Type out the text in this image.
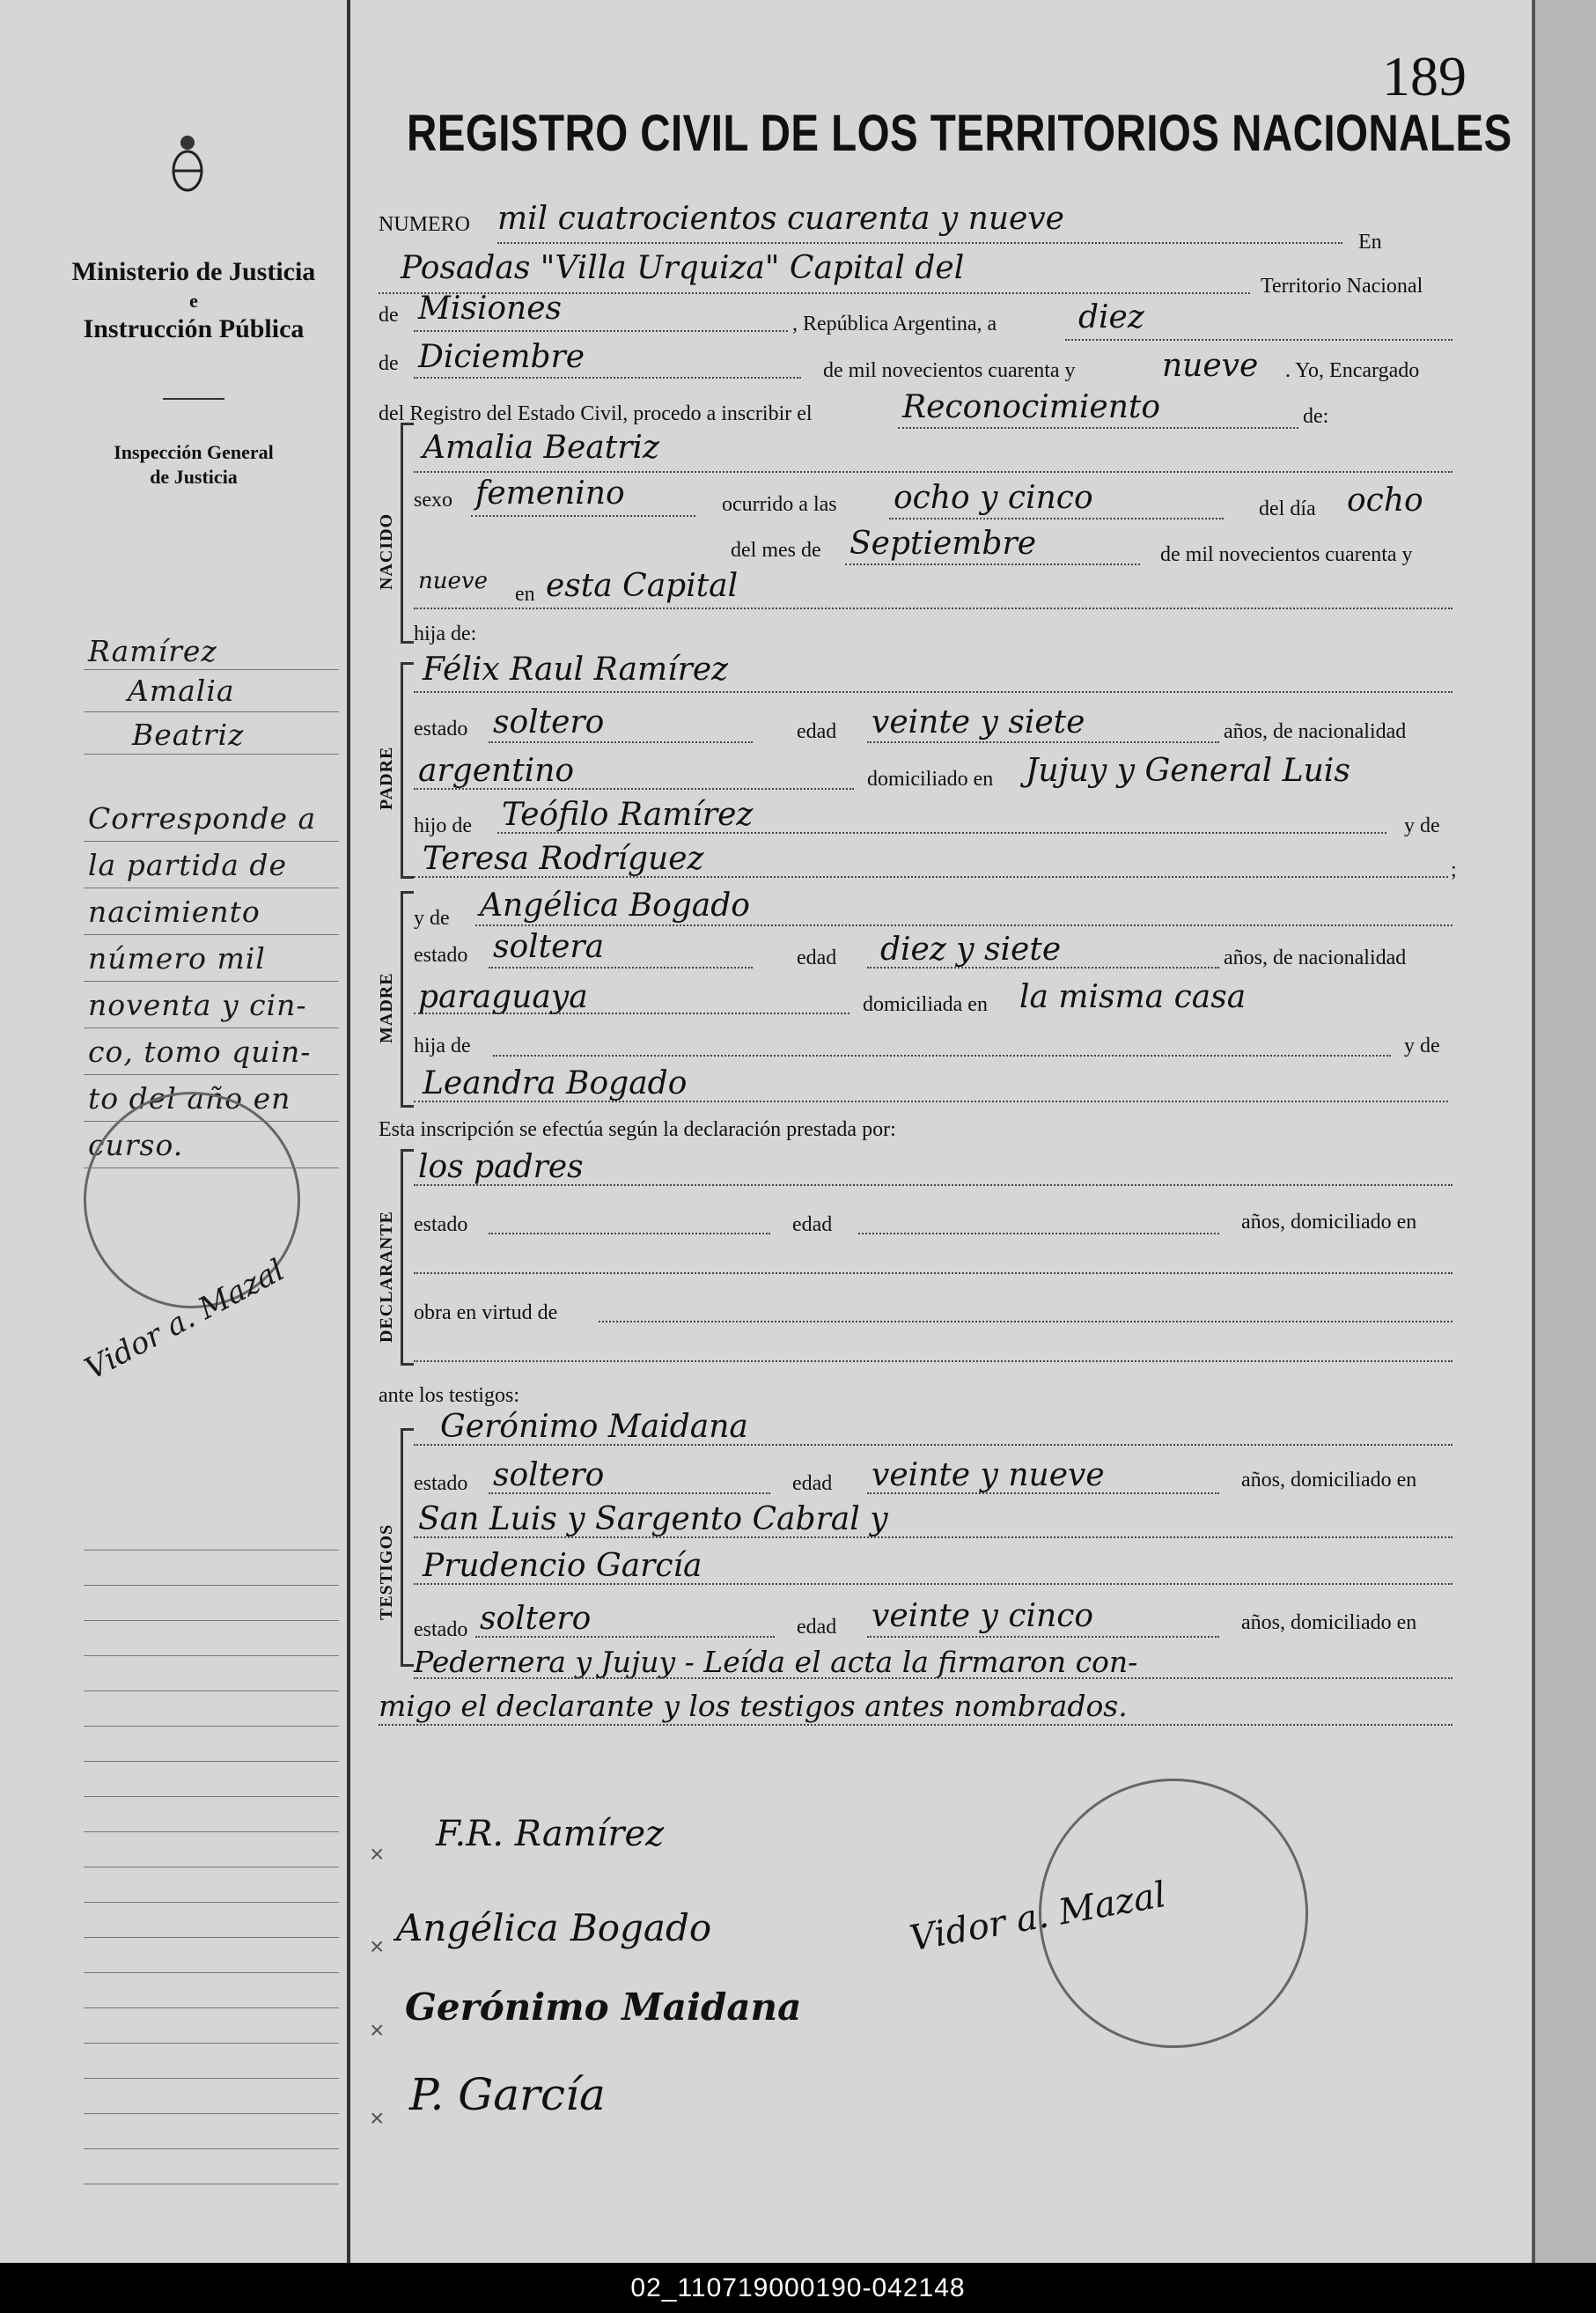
Ministerio de Justicia
e
Instrucción Pública
Inspección General de Justicia
Ramírez
Amalia
Beatriz
Corresponde a
la partida de
nacimiento
número mil
noventa y cin-
co, tomo quin-
to del año en
curso.
Vidor a. Mazal
189
REGISTRO CIVIL DE LOS TERRITORIOS NACIONALES
NUMERO mil cuatrocientos cuarenta y nueve
En
Posadas "Villa Urquiza" Capital del	Territorio Nacional
de Misiones	, República Argentina, a	diez
de Diciembre	de mil novecientos cuarenta y	nueve . Yo, Encargado
del Registro del Estado Civil, procedo a inscribir el	Reconocimiento	de:
NACIDO
Amalia Beatriz
sexo femenino	ocurrido a las ocho y cinco	del día ocho
del mes de Septiembre	de mil novecientos cuarenta y
nueve en esta Capital
hija de:
PADRE
Félix Raul Ramírez
estado soltero	edad veinte y siete	años, de nacionalidad
argentino	domiciliado en Jujuy y General Luis
hijo de Teófilo Ramírez	y de
Teresa Rodríguez	;
MADRE
y de Angélica Bogado
estado soltera	edad diez y siete	años, de nacionalidad
paraguaya	domiciliada en la misma casa
hija de	y de
Leandra Bogado
Esta inscripción se efectúa según la declaración prestada por:
DECLARANTE
los padres
estado	edad	años, domiciliado en
obra en virtud de
ante los testigos:
TESTIGOS
Gerónimo Maidana
estado soltero	edad veinte y nueve	años, domiciliado en
San Luis y Sargento Cabral y
Prudencio García
estado soltero	edad veinte y cinco	años, domiciliado en
Pedernera y Jujuy - Leída el acta la firmaron con-
migo el declarante y los testigos antes nombrados.
× F.R. Ramírez
× Angélica Bogado
×
Gerónimo Maidana
× P. García
Vidor a. Mazal
02_110719000190-042148
